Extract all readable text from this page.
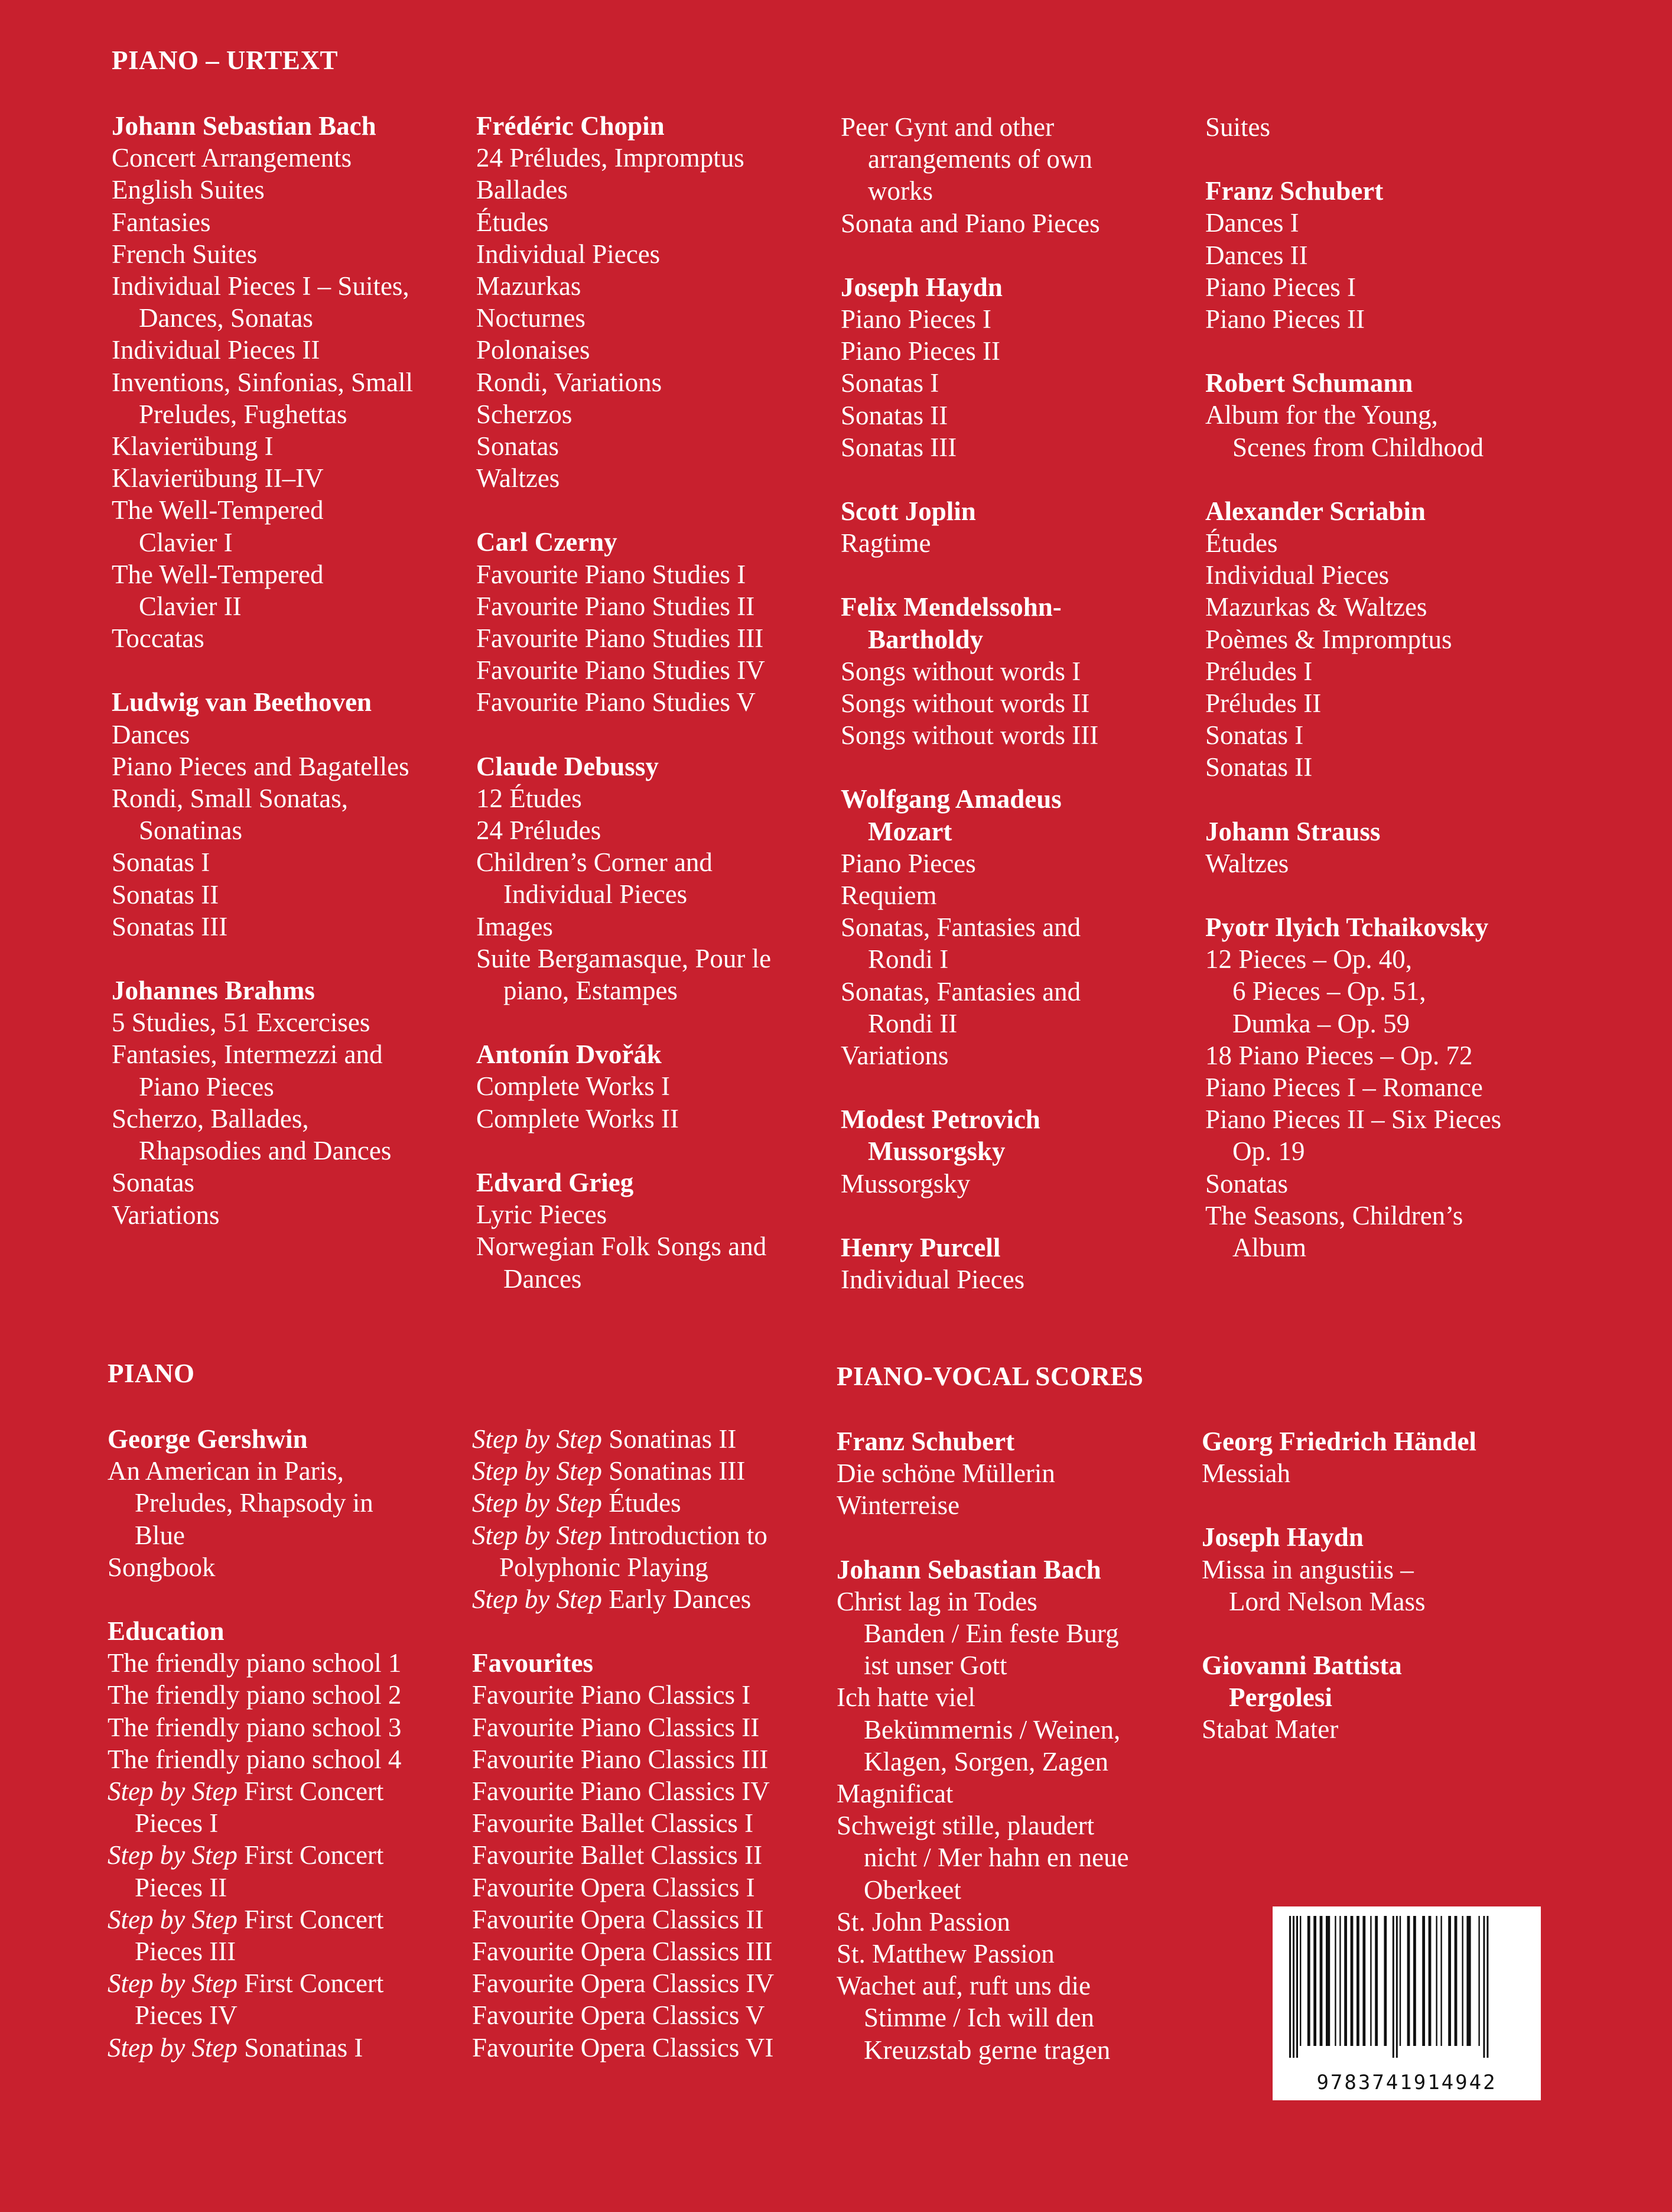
PIANO – URTEXT
PIANO	PIANO-VOCAL SCORES
Johann Sebastian Bach
Concert Arrangements
English Suites
Fantasies
French Suites
Individual Pieces I – Suites,
Dances, Sonatas
Individual Pieces II
Inventions, Sinfonias, Small
Preludes, Fughettas
Klavierübung I
Klavierübung II–IV
The Well-Tempered
Clavier I
The Well-Tempered
Clavier II
Toccatas
Ludwig van Beethoven
Dances
Piano Pieces and Bagatelles
Rondi, Small Sonatas,
Sonatinas
Sonatas I
Sonatas II
Sonatas III
Johannes Brahms
5 Studies, 51 Excercises
Fantasies, Intermezzi and
Piano Pieces
Scherzo, Ballades,
Rhapsodies and Dances
Sonatas
Variations
Frédéric Chopin
24 Préludes, Impromptus
Ballades
Études
Individual Pieces
Mazurkas
Nocturnes
Polonaises
Rondi, Variations
Scherzos
Sonatas
Waltzes
Carl Czerny
Favourite Piano Studies I
Favourite Piano Studies II
Favourite Piano Studies III
Favourite Piano Studies IV
Favourite Piano Studies V
Claude Debussy
12 Études
24 Préludes
Children’s Corner and
Individual Pieces
Images
Suite Bergamasque, Pour le
piano, Estampes
Antonín Dvořák
Complete Works I
Complete Works II
Edvard Grieg
Lyric Pieces
Norwegian Folk Songs and
Dances
Peer Gynt and other
arrangements of own
works
Sonata and Piano Pieces
Joseph Haydn
Piano Pieces I
Piano Pieces II
Sonatas I
Sonatas II
Sonatas III
Scott Joplin
Ragtime
Felix Mendelssohn-
Bartholdy
Songs without words I
Songs without words II
Songs without words III
Wolfgang Amadeus
Mozart
Piano Pieces
Requiem
Sonatas, Fantasies and
Rondi I
Sonatas, Fantasies and
Rondi II
Variations
Modest Petrovich
Mussorgsky
Mussorgsky
Henry Purcell
Individual Pieces
Suites
Franz Schubert
Dances I
Dances II
Piano Pieces I
Piano Pieces II
Robert Schumann
Album for the Young,
Scenes from Childhood
Alexander Scriabin
Études
Individual Pieces
Mazurkas & Waltzes
Poèmes & Impromptus
Préludes I
Préludes II
Sonatas I
Sonatas II
Johann Strauss
Waltzes
Pyotr Ilyich Tchaikovsky
12 Pieces – Op. 40,
6 Pieces – Op. 51,
Dumka – Op. 59
18 Piano Pieces – Op. 72
Piano Pieces I – Romance
Piano Pieces II – Six Pieces
Op. 19
Sonatas
The Seasons, Children’s
Album
George Gershwin
An American in Paris,
Preludes, Rhapsody in
Blue
Songbook
Education
The friendly piano school 1
The friendly piano school 2
The friendly piano school 3
The friendly piano school 4
Step by Step First Concert
Pieces I
Step by Step First Concert
Pieces II
Step by Step First Concert
Pieces III
Step by Step First Concert
Pieces IV
Step by Step Sonatinas I
Step by Step Sonatinas II
Step by Step Sonatinas III
Step by Step Études
Step by Step Introduction to
Polyphonic Playing
Step by Step Early Dances
Favourites
Favourite Piano Classics I
Favourite Piano Classics II
Favourite Piano Classics III
Favourite Piano Classics IV
Favourite Ballet Classics I
Favourite Ballet Classics II
Favourite Opera Classics I
Favourite Opera Classics II
Favourite Opera Classics III
Favourite Opera Classics IV
Favourite Opera Classics V
Favourite Opera Classics VI
Franz Schubert
Die schöne Müllerin
Winterreise
Johann Sebastian Bach
Christ lag in Todes
Banden / Ein feste Burg
ist unser Gott
Ich hatte viel
Bekümmernis / Weinen,
Klagen, Sorgen, Zagen
Magnificat
Schweigt stille, plaudert
nicht / Mer hahn en neue
Oberkeet
St. John Passion
St. Matthew Passion
Wachet auf, ruft uns die
Stimme / Ich will den
Kreuzstab gerne tragen
Georg Friedrich Händel
Messiah
Joseph Haydn
Missa in angustiis –
Lord Nelson Mass
Giovanni Battista
Pergolesi
Stabat Mater
9783741914942
